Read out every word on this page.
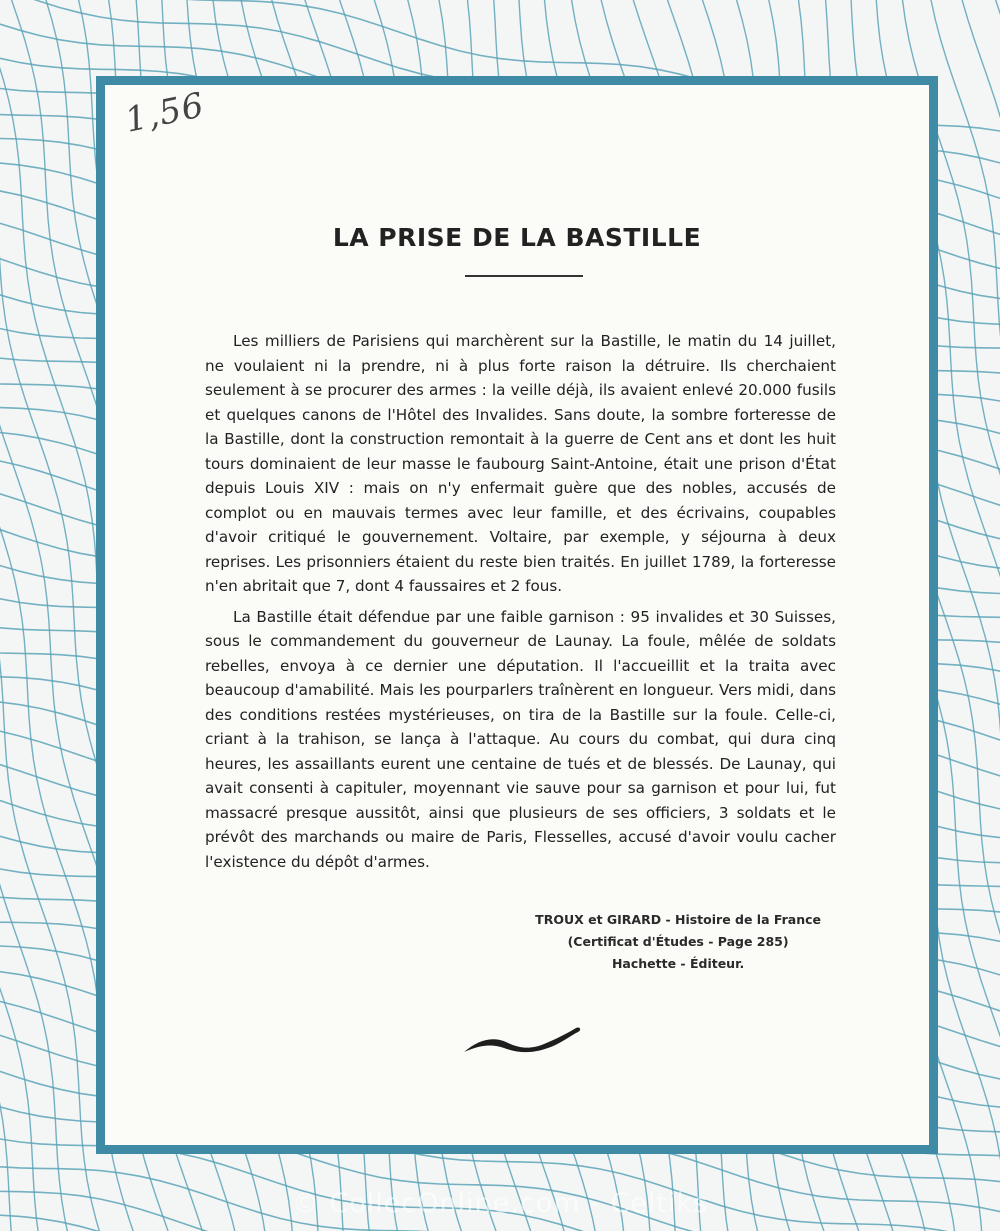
1,56
LA PRISE DE LA BASTILLE

Les milliers de Parisiens qui marchèrent sur la Bastille, le matin du 14 juillet, ne voulaient ni la prendre, ni à plus forte raison la détruire. Ils cherchaient seulement à se procurer des armes : la veille déjà, ils avaient enlevé 20.000 fusils et quelques canons de l'Hôtel des Invalides. Sans doute, la sombre forteresse de la Bastille, dont la construction remontait à la guerre de Cent ans et dont les huit tours dominaient de leur masse le faubourg Saint-Antoine, était une prison d'État depuis Louis XIV : mais on n'y enfermait guère que des nobles, accusés de complot ou en mauvais termes avec leur famille, et des écrivains, coupables d'avoir critiqué le gouvernement. Voltaire, par exemple, y séjourna à deux reprises. Les prisonniers étaient du reste bien traités. En juillet 1789, la forteresse n'en abritait que 7, dont 4 faussaires et 2 fous.

La Bastille était défendue par une faible garnison : 95 invalides et 30 Suisses, sous le commandement du gouverneur de Launay. La foule, mêlée de soldats rebelles, envoya à ce dernier une députation. Il l'accueillit et la traita avec beaucoup d'amabilité. Mais les pourparlers traînèrent en longueur. Vers midi, dans des conditions restées mystérieuses, on tira de la Bastille sur la foule. Celle-ci, criant à la trahison, se lança à l'attaque. Au cours du combat, qui dura cinq heures, les assaillants eurent une centaine de tués et de blessés. De Launay, qui avait consenti à capituler, moyennant vie sauve pour sa garnison et pour lui, fut massacré presque aussitôt, ainsi que plusieurs de ses officiers, 3 soldats et le prévôt des marchands ou maire de Paris, Flesselles, accusé d'avoir voulu cacher l'existence du dépôt d'armes.

TROUX et GIRARD - Histoire de la France
(Certificat d'Études - Page 285)
Hachette - Éditeur.
© CollecOnline.com - Celtiks
